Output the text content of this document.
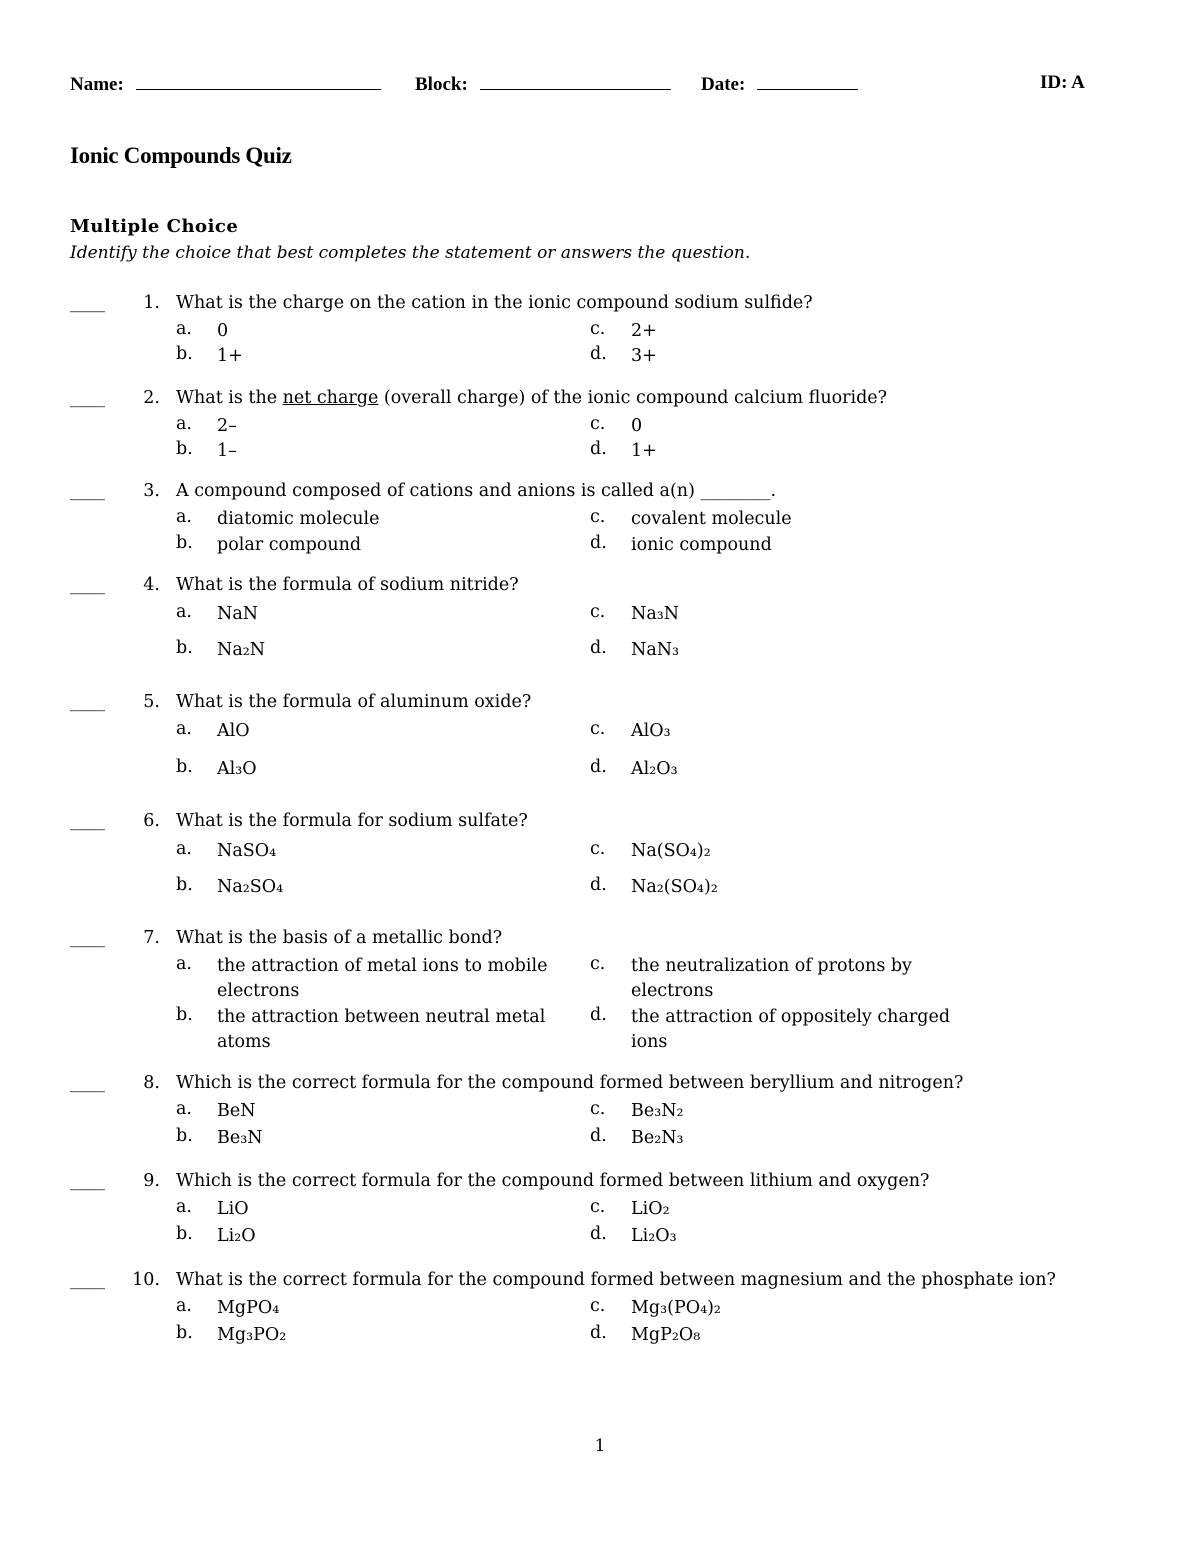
Name:	Block:	Date:	ID: A
Ionic Compounds Quiz
Multiple Choice
Identify the choice that best completes the statement or answers the question.
____	1. What is the charge on the cation in the ionic compound sodium sulfide?
a. 0
b. 1+
c. 2+
d. 3+
____	2. What is the net charge (overall charge) of the ionic compound calcium fluoride?
a. 2–
b. 1–
c. 0
d. 1+
____	3. A compound composed of cations and anions is called a(n) ________.
a. diatomic molecule
b. polar compound
c. covalent molecule
d. ionic compound
____	4. What is the formula of sodium nitride?
a. NaN
b. Na₂N
c. Na₃N
d. NaN₃
____	5. What is the formula of aluminum oxide?
a. AlO
b. Al₃O
c. AlO₃
d. Al₂O₃
____	6. What is the formula for sodium sulfate?
a. NaSO₄
b. Na₂SO₄
c. Na(SO₄)₂
d. Na₂(SO₄)₂
____	7. What is the basis of a metallic bond?
a. the attraction of metal ions to mobile electrons
b. the attraction between neutral metal atoms
c. the neutralization of protons by electrons
d. the attraction of oppositely charged ions
____	8. Which is the correct formula for the compound formed between beryllium and nitrogen?
a. BeN
b. Be₃N
c. Be₃N₂
d. Be₂N₃
____	9. Which is the correct formula for the compound formed between lithium and oxygen?
a. LiO
b. Li₂O
c. LiO₂
d. Li₂O₃
____	10. What is the correct formula for the compound formed between magnesium and the phosphate ion?
a. MgPO₄
b. Mg₃PO₂
c. Mg₃(PO₄)₂
d. MgP₂O₈
1
